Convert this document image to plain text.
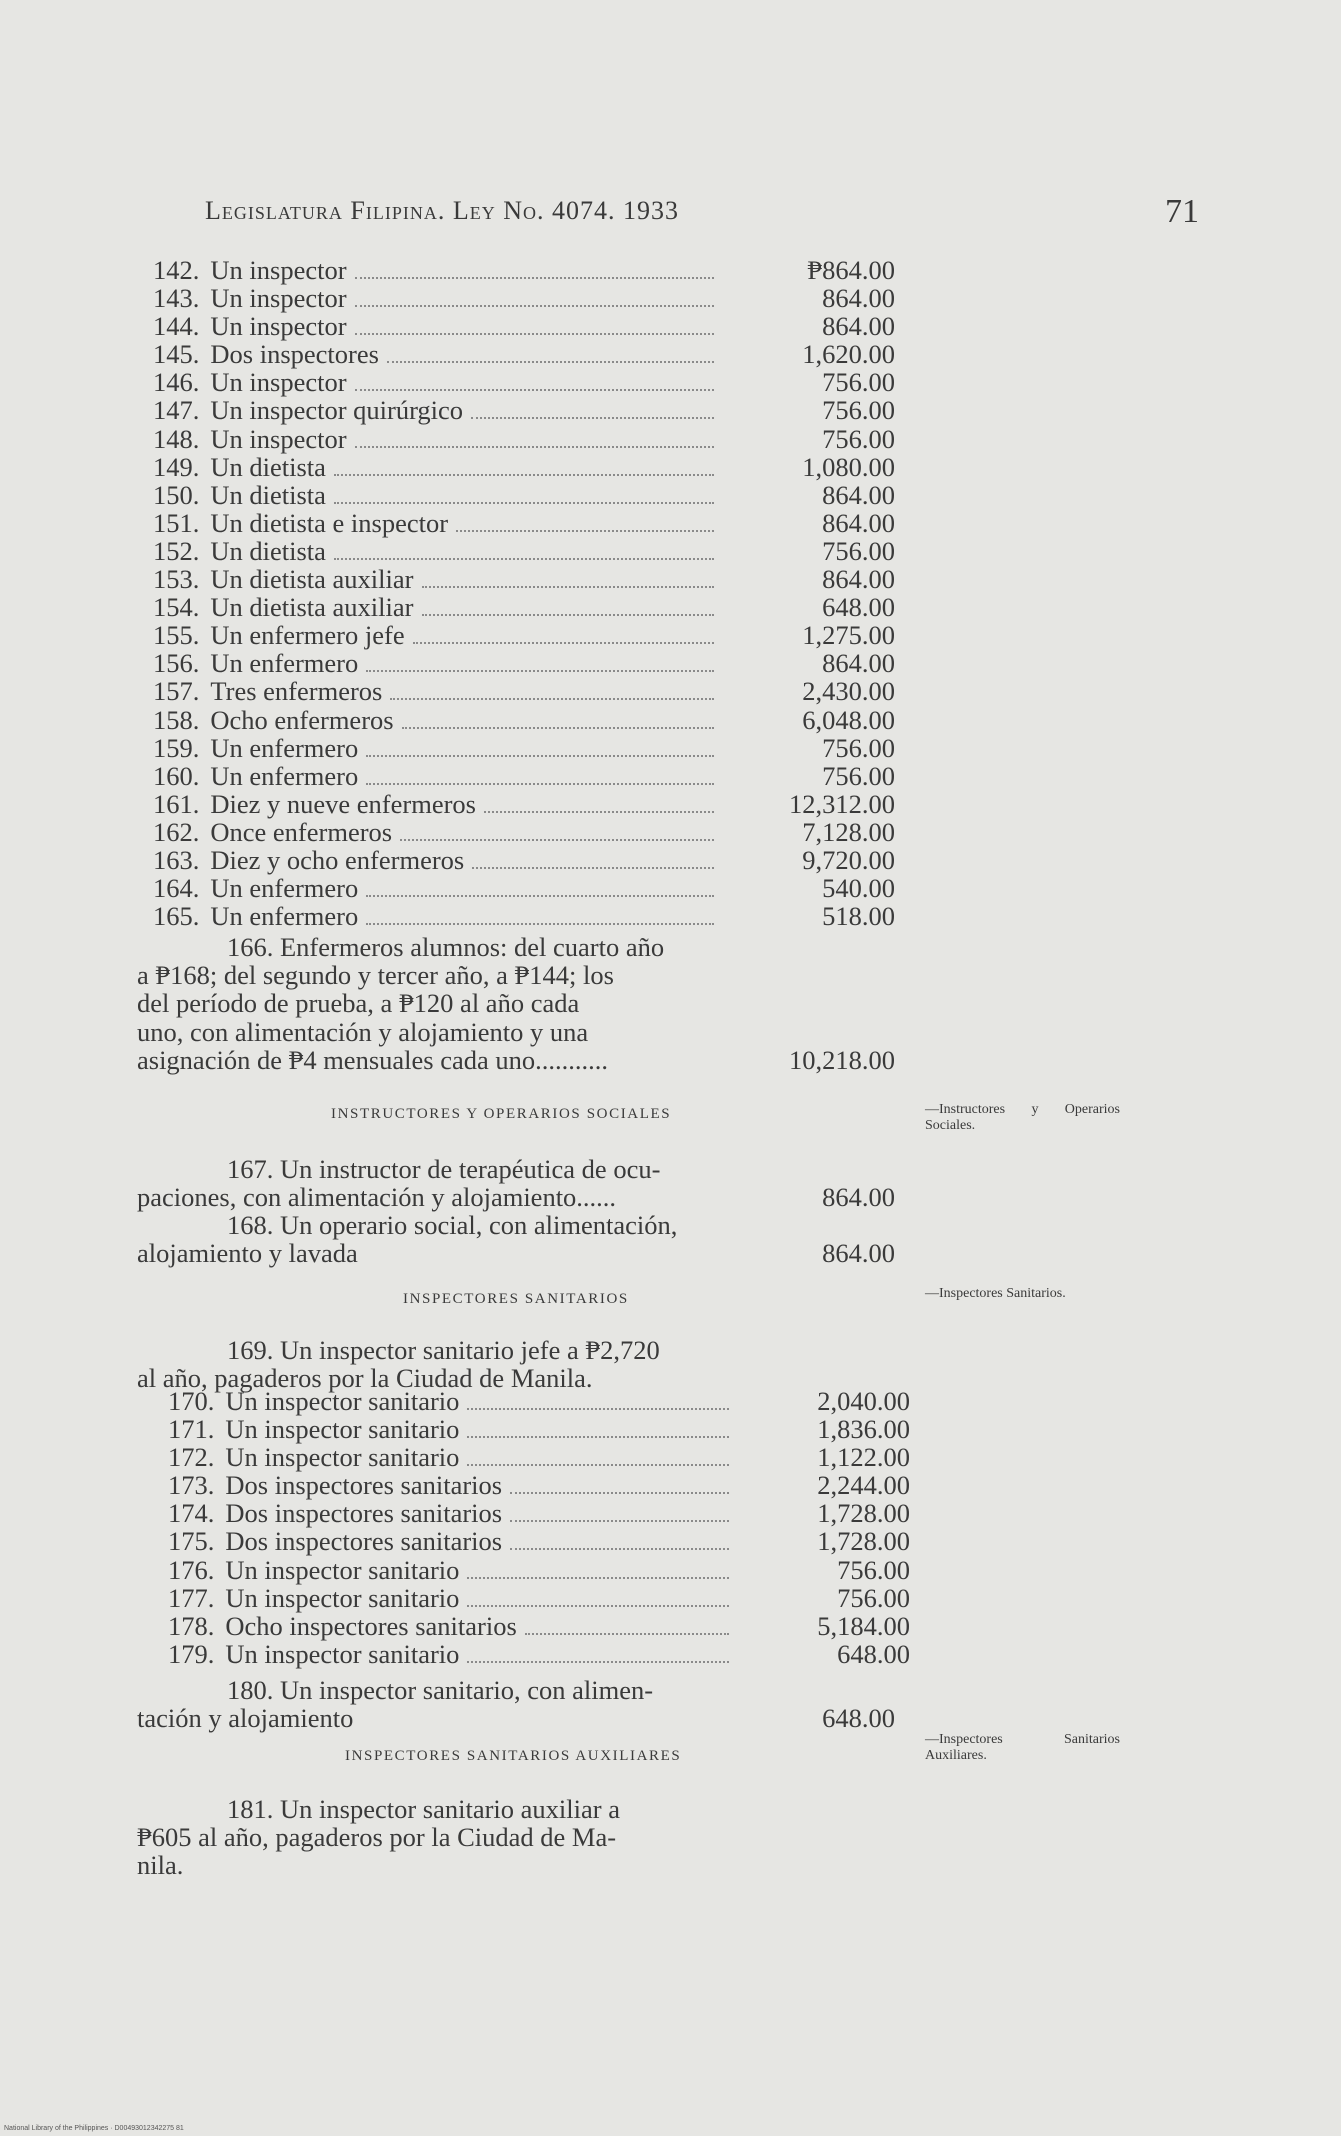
Legislatura Filipina. Ley No. 4074. 1933	71
142. Un inspector	₱864.00
143. Un inspector	864.00
144. Un inspector	864.00
145. Dos inspectores	1,620.00
146. Un inspector	756.00
147. Un inspector quirúrgico	756.00
148. Un inspector	756.00
149. Un dietista	1,080.00
150. Un dietista	864.00
151. Un dietista e inspector	864.00
152. Un dietista	756.00
153. Un dietista auxiliar	864.00
154. Un dietista auxiliar	648.00
155. Un enfermero jefe	1,275.00
156. Un enfermero	864.00
157. Tres enfermeros	2,430.00
158. Ocho enfermeros	6,048.00
159. Un enfermero	756.00
160. Un enfermero	756.00
161. Diez y nueve enfermeros	12,312.00
162. Once enfermeros	7,128.00
163. Diez y ocho enfermeros	9,720.00
164. Un enfermero	540.00
165. Un enfermero	518.00
166. Enfermeros alumnos: del cuarto año
a ₱168; del segundo y tercer año, a ₱144; los
del período de prueba, a ₱120 al año cada
uno, con alimentación y alojamiento y una
asignación de ₱4 mensuales cada uno...........	10,218.00
INSTRUCTORES Y OPERARIOS SOCIALES	—Instructores y Operarios Sociales.
167. Un instructor de terapéutica de ocu-
paciones, con alimentación y alojamiento......	864.00
168. Un operario social, con alimentación,
alojamiento y lavada	864.00
INSPECTORES SANITARIOS	—Inspectores Sanitarios.
169. Un inspector sanitario jefe a ₱2,720
al año, pagaderos por la Ciudad de Manila.
170. Un inspector sanitario	2,040.00
171. Un inspector sanitario	1,836.00
172. Un inspector sanitario	1,122.00
173. Dos inspectores sanitarios	2,244.00
174. Dos inspectores sanitarios	1,728.00
175. Dos inspectores sanitarios	1,728.00
176. Un inspector sanitario	756.00
177. Un inspector sanitario	756.00
178. Ocho inspectores sanitarios	5,184.00
179. Un inspector sanitario	648.00
180. Un inspector sanitario, con alimen-
tación y alojamiento	648.00
INSPECTORES SANITARIOS AUXILIARES
—Inspectores Sanitarios Auxiliares.
181. Un inspector sanitario auxiliar a
₱605 al año, pagaderos por la Ciudad de Ma-
nila.
National Library of the Philippines · D00493012342275 81
